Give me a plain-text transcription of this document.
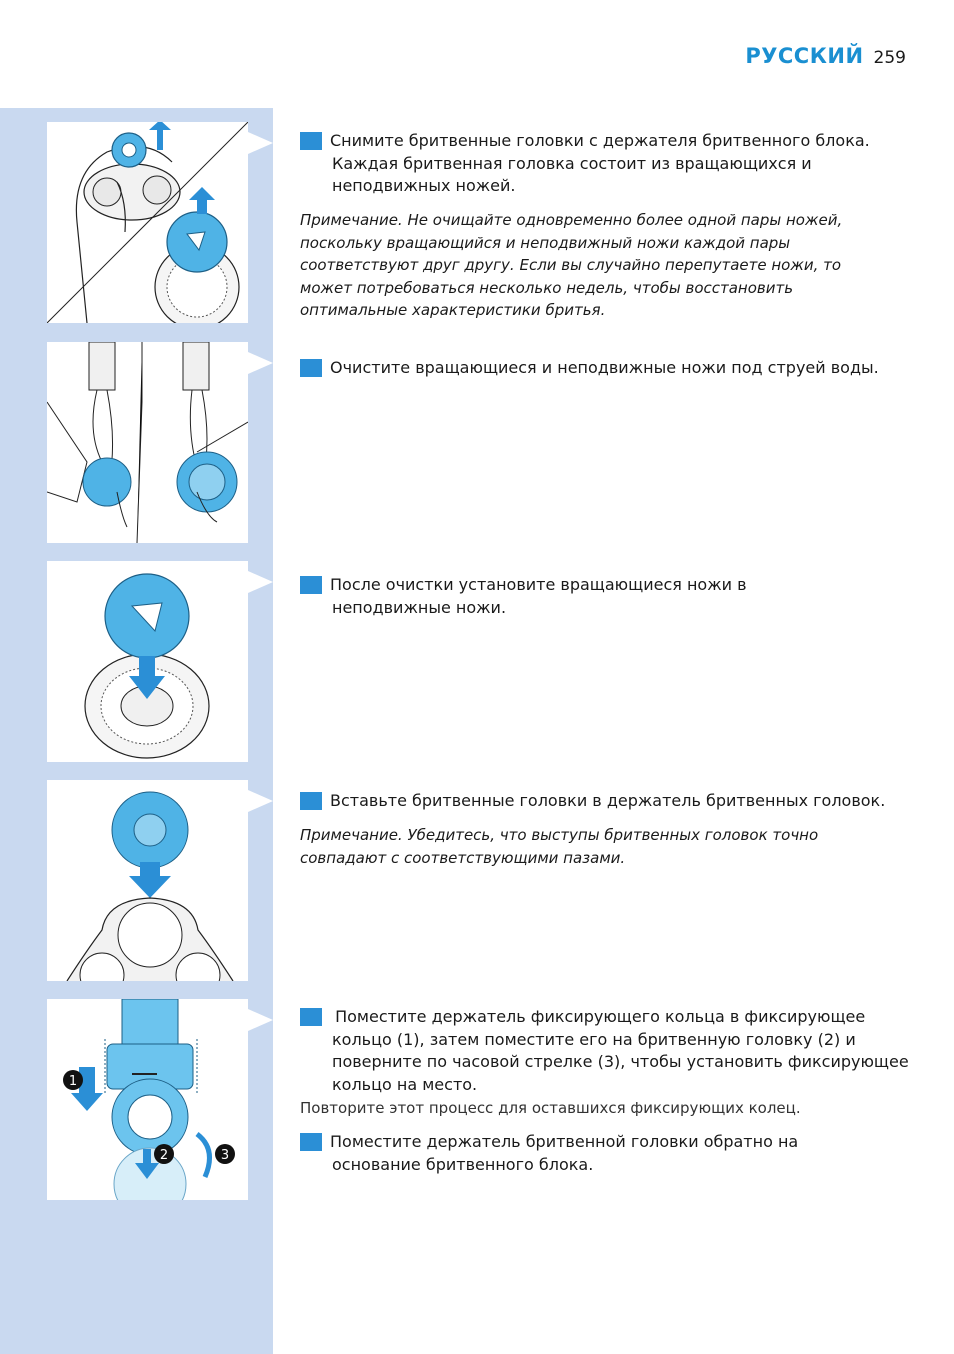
РУССКИЙ 259
1
2	3
3 Снимите бритвенные головки с держателя бритвенного блока. Каждая бритвенная головка состоит из вращающихся и неподвижных ножей.
Примечание. Не очищайте одновременно более одной пары ножей, поскольку вращающийся и неподвижный ножи каждой пары соответствуют друг другу. Если вы случайно перепутаете ножи, то может потребоваться несколько недель, чтобы восстановить оптимальные характеристики бритья.
4 Очистите вращающиеся и неподвижные ножи под струей воды.
5 После очистки установите вращающиеся ножи в неподвижные ножи.
6 Вставьте бритвенные головки в держатель бритвенных головок.
Примечание. Убедитесь, что выступы бритвенных головок точно совпадают с соответствующими пазами.
7 Поместите держатель фиксирующего кольца в фиксирующее кольцо (1), затем поместите его на бритвенную головку (2) и поверните по часовой стрелке (3), чтобы установить фиксирующее кольцо на место.
Повторите этот процесс для оставшихся фиксирующих колец.
8 Поместите держатель бритвенной головки обратно на основание бритвенного блока.
